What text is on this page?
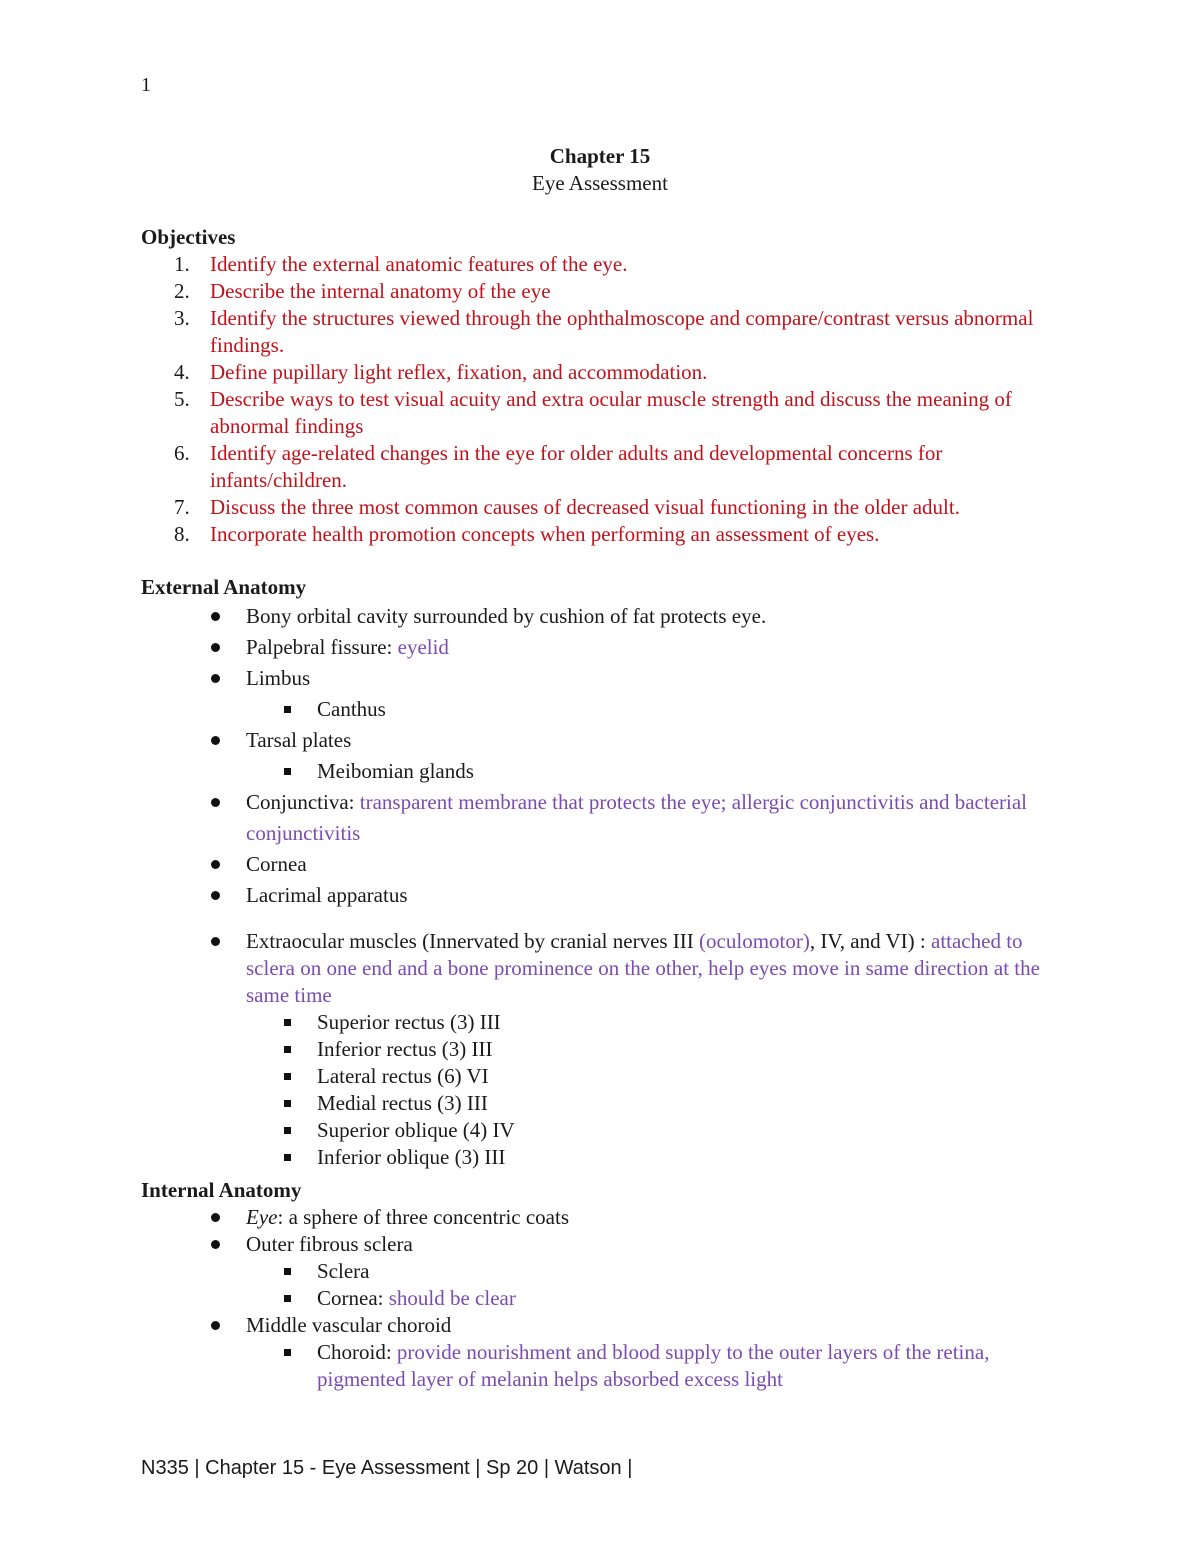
1
Chapter 15
Eye Assessment
Objectives
1. Identify the external anatomic features of the eye.
2. Describe the internal anatomy of the eye
3. Identify the structures viewed through the ophthalmoscope and compare/contrast versus abnormal findings.
4. Define pupillary light reflex, fixation, and accommodation.
5. Describe ways to test visual acuity and extra ocular muscle strength and discuss the meaning of abnormal findings
6. Identify age-related changes in the eye for older adults and developmental concerns for infants/children.
7. Discuss the three most common causes of decreased visual functioning in the older adult.
8. Incorporate health promotion concepts when performing an assessment of eyes.
External Anatomy
Bony orbital cavity surrounded by cushion of fat protects eye.
Palpebral fissure: eyelid
Limbus
Canthus
Tarsal plates
Meibomian glands
Conjunctiva: transparent membrane that protects the eye; allergic conjunctivitis and bacterial conjunctivitis
Cornea
Lacrimal apparatus
Extraocular muscles (Innervated by cranial nerves III (oculomotor), IV, and VI) : attached to sclera on one end and a bone prominence on the other, help eyes move in same direction at the same time
Superior rectus (3) III
Inferior rectus (3) III
Lateral rectus (6) VI
Medial rectus (3) III
Superior oblique (4) IV
Inferior oblique (3) III
Internal Anatomy
Eye: a sphere of three concentric coats
Outer fibrous sclera
Sclera
Cornea: should be clear
Middle vascular choroid
Choroid: provide nourishment and blood supply to the outer layers of the retina, pigmented layer of melanin helps absorbed excess light
N335 | Chapter 15 - Eye Assessment | Sp 20 | Watson |
